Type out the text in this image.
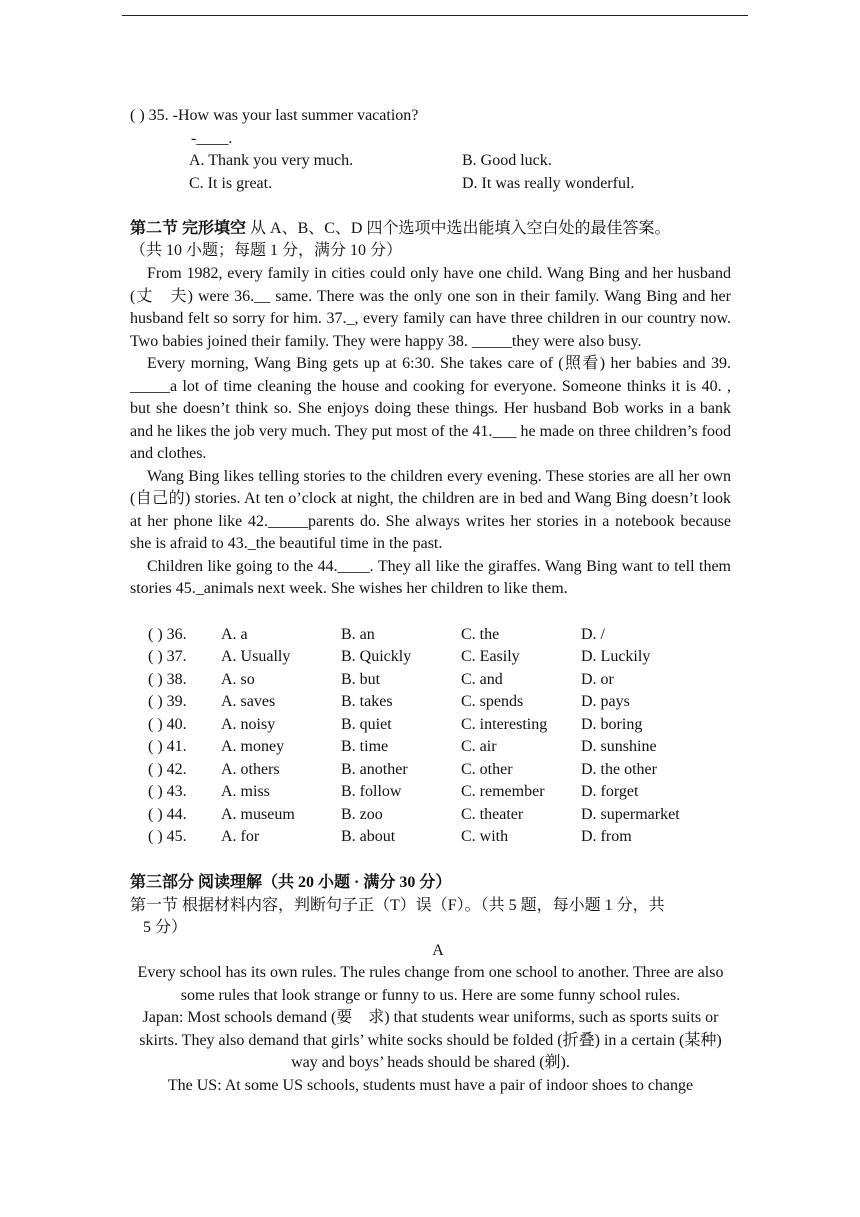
( ) 35. -How was your last summer vacation?
-____.
A. Thank you very much.	B. Good luck.
C. It is great.	D. It was really wonderful.
第二节 完形填空 从 A、B、C、D 四个选项中选出能填入空白处的最佳答案。
（共 10 小题；每题 1 分，满分 10 分）

From 1982, every family in cities could only have one child. Wang Bing and her husband (丈　夫) were 36.__ same. There was the only one son in their family. Wang Bing and her husband felt so sorry for him. 37._, every family can have three children in our country now. Two babies joined their family. They were happy 38. _____they were also busy.

Every morning, Wang Bing gets up at 6:30. She takes care of (照看) her babies and 39. _____a lot of time cleaning the house and cooking for everyone. Someone thinks it is 40. , but she doesn’t think so. She enjoys doing these things. Her husband Bob works in a bank and he likes the job very much. They put most of the 41.___ he made on three children’s food and clothes.

Wang Bing likes telling stories to the children every evening. These stories are all her own (自己的) stories. At ten o’clock at night, the children are in bed and Wang Bing doesn’t look at her phone like 42._____parents do. She always writes her stories in a notebook because she is afraid to 43._the beautiful time in the past.

Children like going to the 44.____. They all like the giraffes. Wang Bing want to tell them stories 45._animals next week. She wishes her children to like them.

( ) 36. A. a	B. an	C. the	D. /
( ) 37. A. Usually	B. Quickly	C. Easily	D. Luckily
( ) 38. A. so	B. but	C. and	D. or
( ) 39. A. saves	B. takes	C. spends	D. pays
( ) 40. A. noisy	B. quiet	C. interesting D. boring
( ) 41. A. money	B. time	C. air	D. sunshine
( ) 42. A. others	B. another	C. other	D. the other
( ) 43. A. miss	B. follow	C. remember D. forget
( ) 44. A. museum	B. zoo	C. theater	D. supermarket
( ) 45. A. for	B. about	C. with	D. from
第三部分 阅读理解（共 20 小题 · 满分 30 分）
第一节 根据材料内容，判断句子正（T）误（F）。（共 5 题，每小题 1 分，共
5 分）
A

Every school has its own rules. The rules change from one school to another. Three are also some rules that look strange or funny to us. Here are some funny school rules.

Japan: Most schools demand (要　求) that students wear uniforms, such as sports suits or skirts. They also demand that girls’ white socks should be folded (折叠) in a certain (某种) way and boys’ heads should be shared (剃).

The US: At some US schools, students must have a pair of indoor shoes to change
